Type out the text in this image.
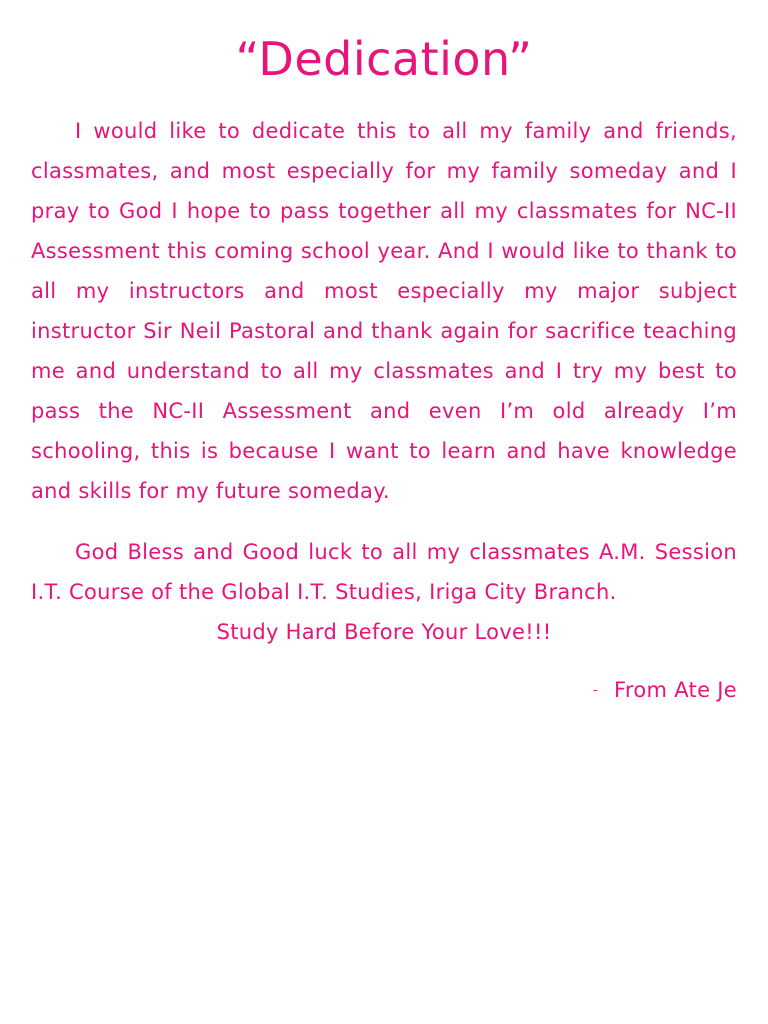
“Dedication”

I would like to dedicate this to all my family and friends, classmates, and most especially for my family someday and I pray to God I hope to pass together all my classmates for NC-II Assessment this coming school year. And I would like to thank to all my instructors and most especially my major subject instructor Sir Neil Pastoral and thank again for sacrifice teaching me and understand to all my classmates and I try my best to pass the NC-II Assessment and even I’m old already I’m schooling, this is because I want to learn and have knowledge and skills for my future someday.

God Bless and Good luck to all my classmates A.M. Session I.T. Course of the Global I.T. Studies, Iriga City Branch.

Study Hard Before Your Love!!!

- From Ate Je
